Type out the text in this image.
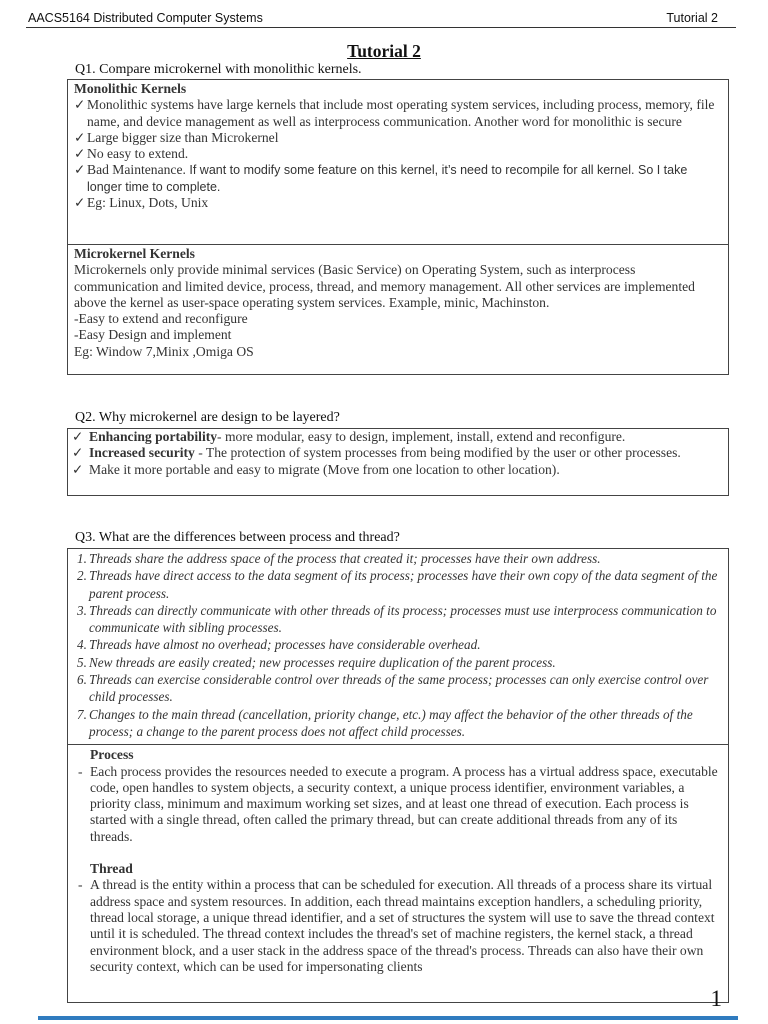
AACS5164 Distributed Computer Systems	Tutorial 2
Tutorial 2
Q1. Compare microkernel with monolithic kernels.
Monolithic Kernels
✓ Monolithic systems have large kernels that include most operating system services, including process, memory, file name, and device management as well as interprocess communication. Another word for monolithic is secure
✓ Large bigger size than Microkernel
✓ No easy to extend.
✓ Bad Maintenance. If want to modify some feature on this kernel, it’s need to recompile for all kernel. So I take longer time to complete.
✓ Eg: Linux, Dots, Unix
Microkernel Kernels
Microkernels only provide minimal services (Basic Service) on Operating System, such as interprocess communication and limited device, process, thread, and memory management. All other services are implemented above the kernel as user-space operating system services. Example, minic, Machinston.
-Easy to extend and reconfigure
-Easy Design and implement
Eg: Window 7,Minix ,Omiga OS
Q2. Why microkernel are design to be layered?
✓ Enhancing portability- more modular, easy to design, implement, install, extend and reconfigure.
✓ Increased security - The protection of system processes from being modified by the user or other processes.
✓ Make it more portable and easy to migrate (Move from one location to other location).
Q3. What are the differences between process and thread?
1. Threads share the address space of the process that created it; processes have their own address.
2. Threads have direct access to the data segment of its process; processes have their own copy of the data segment of the parent process.
3. Threads can directly communicate with other threads of its process; processes must use interprocess communication to communicate with sibling processes.
4. Threads have almost no overhead; processes have considerable overhead.
5. New threads are easily created; new processes require duplication of the parent process.
6. Threads can exercise considerable control over threads of the same process; processes can only exercise control over child processes.
7. Changes to the main thread (cancellation, priority change, etc.) may affect the behavior of the other threads of the process; a change to the parent process does not affect child processes.
Process
- Each process provides the resources needed to execute a program. A process has a virtual address space, executable code, open handles to system objects, a security context, a unique process identifier, environment variables, a priority class, minimum and maximum working set sizes, and at least one thread of execution. Each process is started with a single thread, often called the primary thread, but can create additional threads from any of its threads.
Thread
- A thread is the entity within a process that can be scheduled for execution. All threads of a process share its virtual address space and system resources. In addition, each thread maintains exception handlers, a scheduling priority, thread local storage, a unique thread identifier, and a set of structures the system will use to save the thread context until it is scheduled. The thread context includes the thread's set of machine registers, the kernel stack, a thread environment block, and a user stack in the address space of the thread's process. Threads can also have their own security context, which can be used for impersonating clients
1
